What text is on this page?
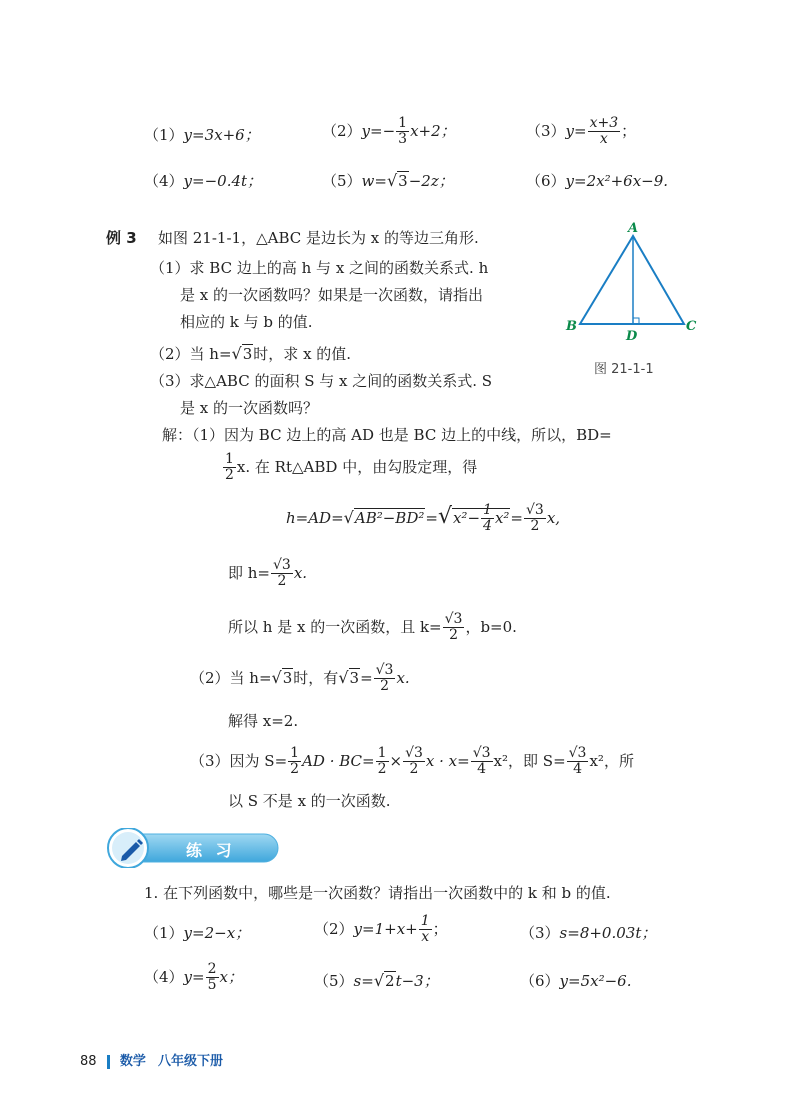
（1）y=3x+6；	$(2)y=- \frac{1}{3} x+2$；	$(3)y= \frac{x+3}{x}$ ；
（4）y=−0.4t；	（5）w=√3−2z；	（6）y=2x²+6x−9.
例 3 如图 21-1-1，△ABC 是边长为 x 的等边三角形.
（1）求 BC 边上的高 h 与 x 之间的函数关系式. h
是 x 的一次函数吗？如果是一次函数，请指出
相应的 k 与 b 的值.
（2）当 h=√3时，求 x 的值.
（3）求△ABC 的面积 S 与 x 之间的函数关系式. S
是 x 的一次函数吗？
A
B	C
D
图 21-1-1
解：（1）因为 BC 边上的高 AD 也是 BC 边上的中线，所以，BD=
$\frac{1}{2} x$. 在 Rt△ABD 中，由勾股定理，得
$h=AD=√AB^2-BD^2=√x^2- \frac{1}{4} x^2= \frac{√3}{2} x$,
即 $h= \frac{√3}{2} x$.
所以 h 是 x 的一次函数，且 $k= \frac{√3}{2}$ ，b=0.
（2）当 h=√3时，有$√3= \frac{√3}{2} x$.
解得 x=2.
（3）因为 $S= \frac{1}{2}$ AD · $BC= \frac{1}{2} \times \frac{√3}{2}$ $x \cdot x= \frac{√3}{4} x^2$，即 $S= \frac{√3}{4} x^2$，所
以 S 不是 x 的一次函数.
练 习
1. 在下列函数中，哪些是一次函数？请指出一次函数中的 k 和 b 的值.
（1）y=2−x；	$(2)y=1+x+ \frac{1}{x}$ ；	（3）s=8+0.03t；
$(4)y= \frac{2}{5}$ x；	（5）s=√2t−3；	（6）y=5x²−6.
88 数学 八年级下册
